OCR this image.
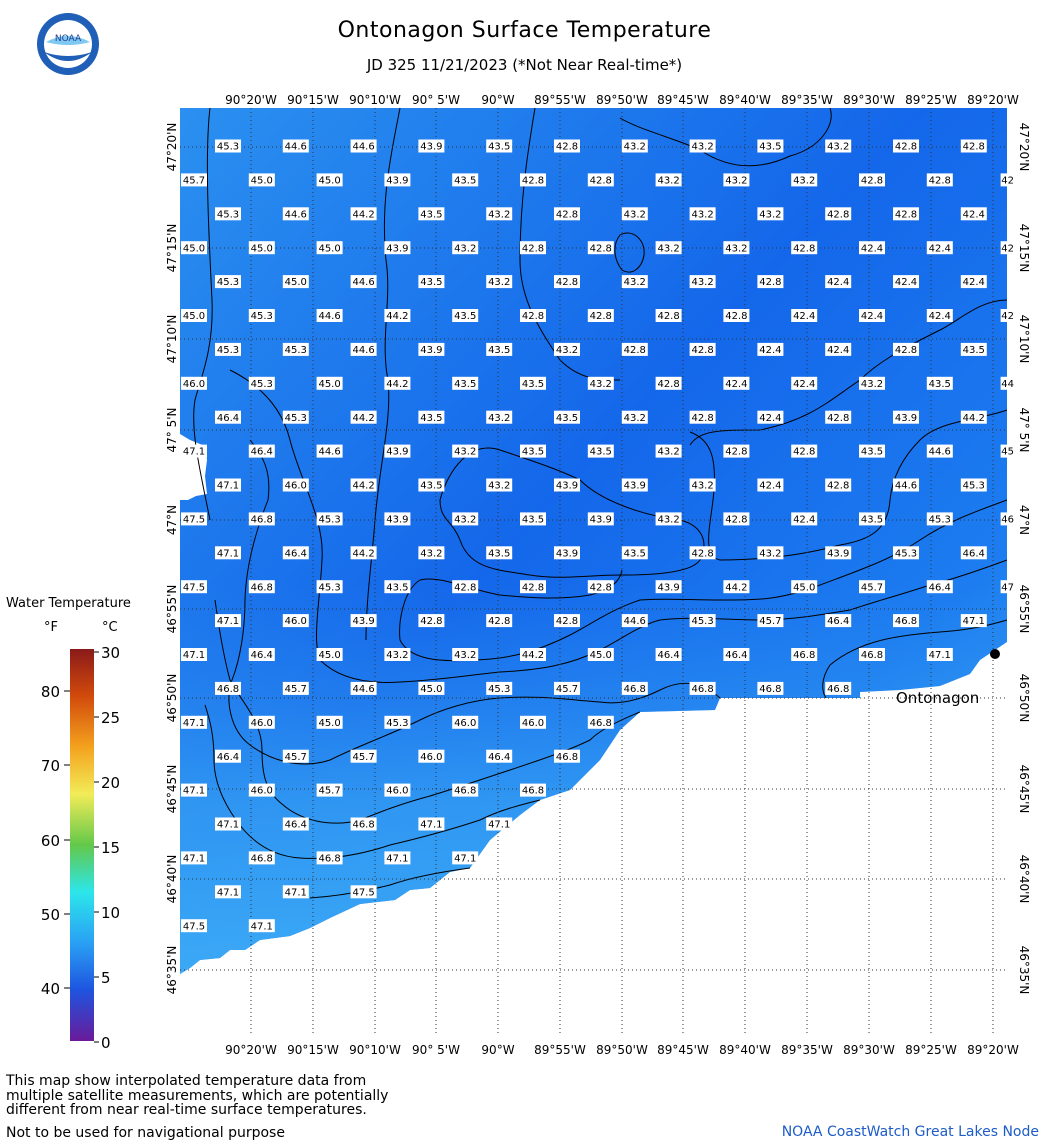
Ontonagon Surface Temperature
JD 325 11/21/2023 (*Not Near Real-time*)
NOAA
45.3	44.6	44.6	43.9	43.5	42.8	43.2	43.2	43.5	43.2	42.8	42.8
45.7	45.0	45.0	43.9	43.5	42.8	42.8	43.2	43.2	43.2	42.8	42.8	42
45.3	44.6	44.2	43.5	43.2	42.8	43.2	43.2	43.2	42.8	42.8	42.4
45.0	45.0	45.0	43.9	43.2	42.8	42.8	43.2	43.2	42.8	42.4	42.4	42
45.3	45.0	44.6	43.5	43.2	42.8	43.2	43.2	42.8	42.4	42.4	42.4
45.0	45.3	44.6	44.2	43.5	42.8	42.8	42.8	42.8	42.4	42.4	42.4	42
45.3	45.3	44.6	43.9	43.5	43.2	42.8	42.8	42.4	42.4	42.8	43.5
46.0	45.3	45.0	44.2	43.5	43.5	43.2	42.8	42.4	42.4	43.2	43.5	44
46.4	45.3	44.2	43.5	43.2	43.5	43.2	42.8	42.4	42.8	43.9	44.2
47.1	46.4	44.6	43.9	43.2	43.5	43.5	43.2	42.8	42.8	43.5	44.6	45
47.1	46.0	44.2	43.5	43.2	43.9	43.9	43.2	42.4	42.8	44.6	45.3
47.5	46.8	45.3	43.9	43.2	43.5	43.9	43.2	42.8	42.4	43.5	45.3	46
47.1	46.4	44.2	43.2	43.5	43.9	43.5	42.8	43.2	43.9	45.3	46.4
47.5	46.8	45.3	43.5	42.8	42.8	42.8	43.9	44.2	45.0	45.7	46.4	47
47.1	46.0	43.9	42.8	42.8	42.8	44.6	45.3	45.7	46.4	46.8	47.1
47.1	46.4	45.0	43.2	43.2	44.2	45.0	46.4	46.4	46.8	46.8	47.1
46.8	45.7	44.6	45.0	45.3	45.7	46.8	46.8	46.8	46.8
47.1	46.0	45.0	45.3	46.0	46.0	46.8
46.4	45.7	45.7	46.0	46.4	46.8
47.1	46.0	45.7	46.0	46.8	46.8
47.1	46.4	46.8	47.1	47.1
47.1	46.8	46.8	47.1	47.1
47.1	47.1	47.5
47.5	47.1
90°20'W
90°20'W
90°15'W
90°15'W
90°10'W
90°10'W
90° 5'W
90° 5'W
90°W
90°W
89°55'W
89°55'W
89°50'W
89°50'W
89°45'W
89°45'W
89°40'W
89°40'W
89°35'W
89°35'W
89°30'W
89°30'W
89°25'W
89°25'W
89°20'W
89°20'W
47°20'N	47°20'N
47°15'N	47°15'N
47°10'N	47°10'N
47° 5'N	47° 5'N
47°N	47°N
46°55'N	46°55'N
46°50'N	46°50'N
46°45'N	46°45'N
46°40'N	46°40'N
46°35'N	46°35'N
Ontonagon
Water Temperature
°F	°C
80
70
60
50
40
30
25
20
15
10
5
0
This map show interpolated temperature data from
multiple satellite measurements, which are potentially
different from near real-time surface temperatures.
Not to be used for navigational purpose	NOAA CoastWatch Great Lakes Node
